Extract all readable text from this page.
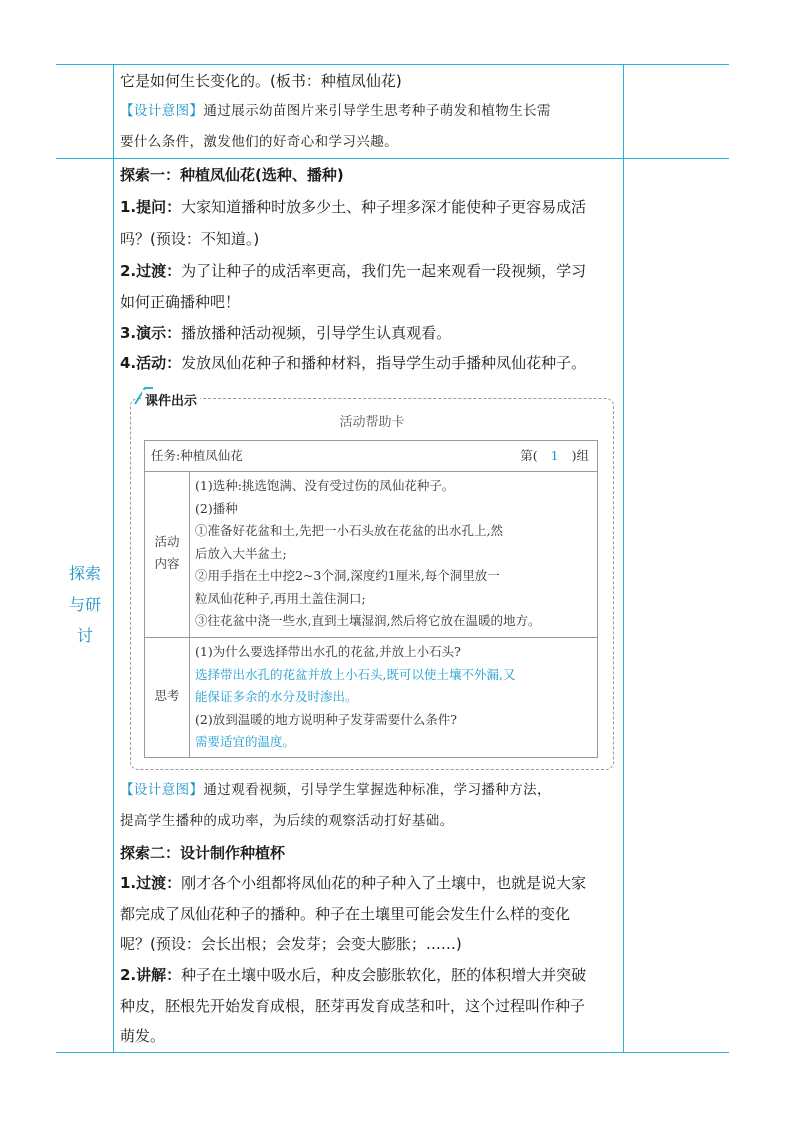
探索
与研
讨
它是如何生长变化的。(板书：种植凤仙花)
【设计意图】通过展示幼苗图片来引导学生思考种子萌发和植物生长需
要什么条件，激发他们的好奇心和学习兴趣。
探索一：种植凤仙花(选种、播种)
1.提问：大家知道播种时放多少土、种子埋多深才能使种子更容易成活
吗？(预设：不知道。)
2.过渡：为了让种子的成活率更高，我们先一起来观看一段视频，学习
如何正确播种吧！
3.演示：播放播种活动视频，引导学生认真观看。
4.活动：发放凤仙花种子和播种材料，指导学生动手播种凤仙花种子。
课件出示
活动帮助卡
任务:种植凤仙花	第( 1 )组
活动
内容
(1)选种:挑选饱满、没有受过伤的凤仙花种子。
(2)播种
①准备好花盆和土,先把一小石头放在花盆的出水孔上,然
后放入大半盆土;
②用手指在土中挖2~3个洞,深度约1厘米,每个洞里放一
粒凤仙花种子,再用土盖住洞口;
③往花盆中浇一些水,直到土壤湿润,然后将它放在温暖的地方。
思考
(1)为什么要选择带出水孔的花盆,并放上小石头?
选择带出水孔的花盆并放上小石头,既可以使土壤不外漏,又
能保证多余的水分及时渗出。
(2)放到温暖的地方说明种子发芽需要什么条件?
需要适宜的温度。
【设计意图】通过观看视频，引导学生掌握选种标准，学习播种方法，
提高学生播种的成功率，为后续的观察活动打好基础。
探索二：设计制作种植杯
1.过渡：刚才各个小组都将凤仙花的种子种入了土壤中，也就是说大家
都完成了凤仙花种子的播种。种子在土壤里可能会发生什么样的变化
呢？(预设：会长出根；会发芽；会变大膨胀；……)
2.讲解：种子在土壤中吸水后，种皮会膨胀软化，胚的体积增大并突破
种皮，胚根先开始发育成根，胚芽再发育成茎和叶，这个过程叫作种子
萌发。
